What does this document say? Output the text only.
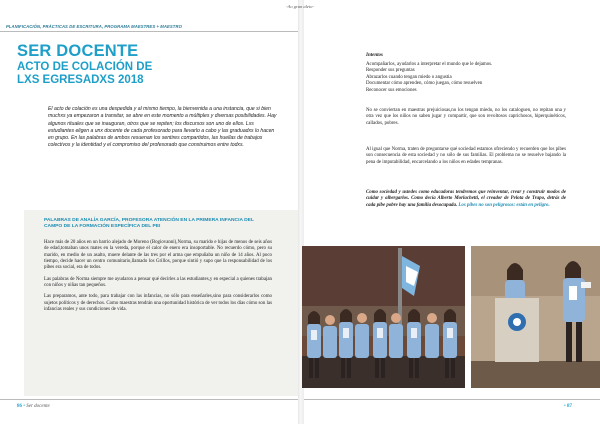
-Ao gran aleto-
PLANIFICACIÓN, PRÁCTICAS DE ESCRITURA, PROGRAMA MAESTRES + MAESTRO
SER DOCENTE
ACTO DE COLACIÓN DE
LXS EGRESADXS 2018
El acto de colación es una despedida y al mismo tiempo, la bienvenida a una instancia, que si bien muchxs ya empezaron a transitar, se abre en este momento a múltiples y diversas posibilidades. Hay algunos rituales que se inauguran, otros que se repiten; los discursos son uno de ellos. Lxs estudiantes eligen a unx docente de cada profesorado para llevarlo a cabo y las graduadxs lo hacen en grupo. En las palabras de ambos resuenan los sentires compartidos, las huellas de trabajos colectivos y la identidad y el compromiso del profesorado que construimos entre todxs.
PALABRAS DE ANALÍA GARCÍA, PROFESORA ATENCIÓN EN LA PRIMERA INFANCIA DEL CAMPO DE LA FORMACIÓN ESPECÍFICA DEL PEI

Hace más de 20 años en un barrio alejado de Moreno (Bogiovanni),Norma, su marido e hijas de menos de seis años de edad,tomaban unos mates en la vereda, porque el calor de enero era insoportable. No recuerdo cómo, pero su marido, en medio de un asalto, muere delante de las tres por el arma que empuñaba un niño de 14 años. Al poco tiempo, decide hacer un centro comunitario,llamado los Grillos, porque sintió y supo que la responsabilidad de los pibes era social, era de todos.

Las palabras de Norma siempre me ayudaron a pensar qué decirles a las estudiantes,y en especial a quienes trabajan con niños y niñas tan pequeños.

Las preparamos, ante todo, para trabajar con las infancias, no sólo para enseñarles,sino para considerarlos como sujetos políticos y de derechos. Como maestras tendrán una oportunidad histórica de ver todos los días cómo son las infancias reales y sus condiciones de vida.

86 • Ser docente
Intentos
Acompañarlos, ayudarlos a interpretar el mundo que le dejamos.
Responder sus preguntas
Abrazarlos cuando tengan miedo o angustia
Documentar cómo aprenden, cómo juegan, cómo resuelven
Reconocer sus emociones
No se conviertan en maestras prejuiciosas,no los tengan miedo, no los cataloguen, no repitan una y otra vez que los niños no saben jugar y compartir, que son revoltosos caprichosos, hiperquinéticos, callados, pobres.
Al igual que Norma, traten de preguntarse qué sociedad estamos ofreciendo y recuerden que los pibes son consecuencia de esta sociedad y no sólo de sus familias. El problema no se resuelve bajando la pena de imputabilidad, encarcelando a los niños en edades tempranas.
Como sociedad y ustedes como educadoras tendremos que reinventar, crear y construir modos de cuidar y albergarlos. Como decía Alberto Morlachetti, el creador de Pelota de Trapo, detrás de cada pibe pobre hay una familia desocupada. Los pibes no son peligrosos: están en peligro.
• 87
